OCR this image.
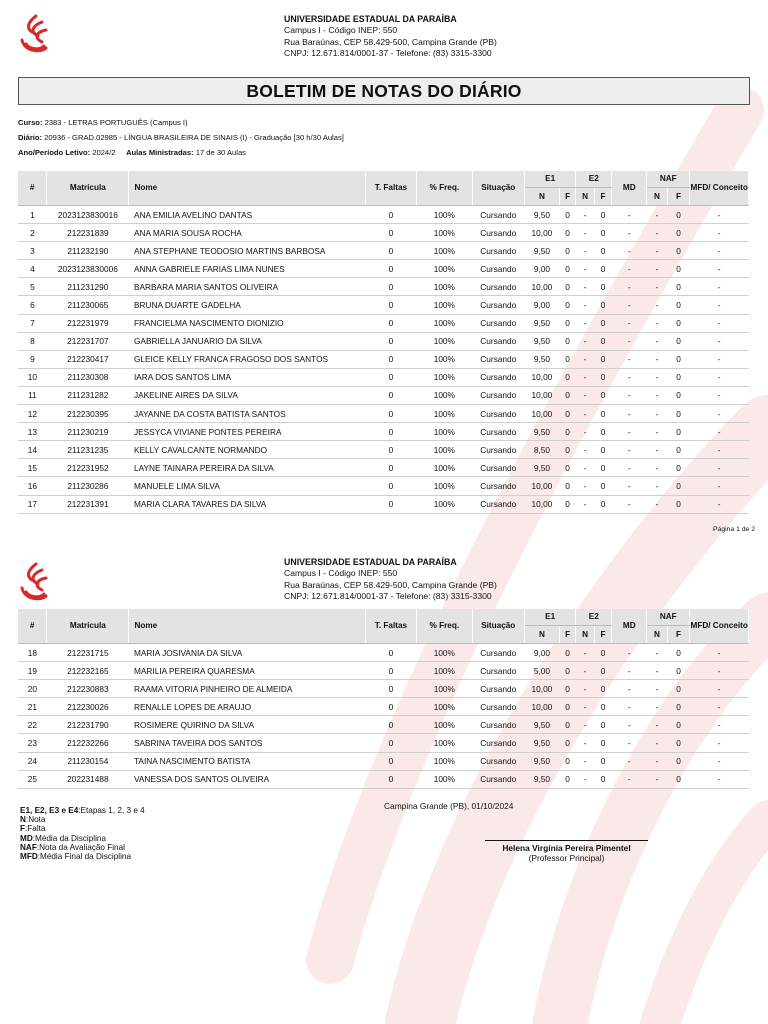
UNIVERSIDADE ESTADUAL DA PARAÍBA
Campus I - Código INEP: 550
Rua Baraúnas, CEP 58.429-500, Campina Grande (PB)
CNPJ: 12.671.814/0001-37 - Telefone: (83) 3315-3300
BOLETIM DE NOTAS DO DIÁRIO
Curso: 2383 - LETRAS PORTUGUÊS (Campus I)
Diário: 20936 - GRAD.02985 - LÍNGUA BRASILEIRA DE SINAIS (I) - Graduação [30 h/30 Aulas]
Ano/Período Letivo: 2024/2 Aulas Ministradas: 17 de 30 Aulas
#	Matrícula	Nome	T. Faltas	% Freq.	Situação	E1		E2		MD	NAF		MFD/ Conceito
						N	F	N	F		N	F	
1	2023123830016	ANA EMILIA AVELINO DANTAS	0	100%	Cursando	9,50	0	-	0	-	-	0	-
2	212231839	ANA MARIA SOUSA ROCHA	0	100%	Cursando	10,00	0	-	0	-	-	0	-
3	211232190	ANA STEPHANE TEODOSIO MARTINS BARBOSA	0	100%	Cursando	9,50	0	-	0	-	-	0	-
4	2023123830006	ANNA GABRIELE FARIAS LIMA NUNES	0	100%	Cursando	9,00	0	-	0	-	-	0	-
5	211231290	BARBARA MARIA SANTOS OLIVEIRA	0	100%	Cursando	10,00	0	-	0	-	-	0	-
6	211230065	BRUNA DUARTE GADELHA	0	100%	Cursando	9,00	0	-	0	-	-	0	-
7	212231979	FRANCIELMA NASCIMENTO DIONIZIO	0	100%	Cursando	9,50	0	-	0	-	-	0	-
8	212231707	GABRIELLA JANUARIO DA SILVA	0	100%	Cursando	9,50	0	-	0	-	-	0	-
9	212230417	GLEICE KELLY FRANCA FRAGOSO DOS SANTOS	0	100%	Cursando	9,50	0	-	0	-	-	0	-
10	211230308	IARA DOS SANTOS LIMA	0	100%	Cursando	10,00	0	-	0	-	-	0	-
11	211231282	JAKELINE AIRES DA SILVA	0	100%	Cursando	10,00	0	-	0	-	-	0	-
12	212230395	JAYANNE DA COSTA BATISTA SANTOS	0	100%	Cursando	10,00	0	-	0	-	-	0	-
13	211230219	JESSYCA VIVIANE PONTES PEREIRA	0	100%	Cursando	9,50	0	-	0	-	-	0	-
14	211231235	KELLY CAVALCANTE NORMANDO	0	100%	Cursando	8,50	0	-	0	-	-	0	-
15	212231952	LAYNE TAINARA PEREIRA DA SILVA	0	100%	Cursando	9,50	0	-	0	-	-	0	-
16	211230286	MANUELE LIMA SILVA	0	100%	Cursando	10,00	0	-	0	-	-	0	-
17	212231391	MARIA CLARA TAVARES DA SILVA	0	100%	Cursando	10,00	0	-	0	-	-	0	-
Página 1 de 2
UNIVERSIDADE ESTADUAL DA PARAÍBA
Campus I - Código INEP: 550
Rua Baraúnas, CEP 58.429-500, Campina Grande (PB)
CNPJ: 12.671.814/0001-37 - Telefone: (83) 3315-3300
#	Matrícula	Nome	T. Faltas	% Freq.	Situação	E1		E2		MD	NAF		MFD/ Conceito
						N	F	N	F		N	F	
18	212231715	MARIA JOSIVANIA DA SILVA	0	100%	Cursando	9,00	0	-	0	-	-	0	-
19	212232165	MARILIA PEREIRA QUARESMA	0	100%	Cursando	5,00	0	-	0	-	-	0	-
20	212230883	RAAMA VITORIA PINHEIRO DE ALMEIDA	0	100%	Cursando	10,00	0	-	0	-	-	0	-
21	212230026	RENALLE LOPES DE ARAUJO	0	100%	Cursando	10,00	0	-	0	-	-	0	-
22	212231790	ROSIMERE QUIRINO DA SILVA	0	100%	Cursando	9,50	0	-	0	-	-	0	-
23	212232266	SABRINA TAVEIRA DOS SANTOS	0	100%	Cursando	9,50	0	-	0	-	-	0	-
24	211230154	TAINA NASCIMENTO BATISTA	0	100%	Cursando	9,50	0	-	0	-	-	0	-
25	202231488	VANESSA DOS SANTOS OLIVEIRA	0	100%	Cursando	9,50	0	-	0	-	-	0	-
Campina Grande (PB), 01/10/2024
E1, E2, E3 e E4:Etapas 1, 2, 3 e 4
N:Nota
F:Falta
MD:Média da Disciplina
NAF:Nota da Avaliação Final
MFD:Média Final da Disciplina
Helena Virgínia Pereira Pimentel
(Professor Principal)
